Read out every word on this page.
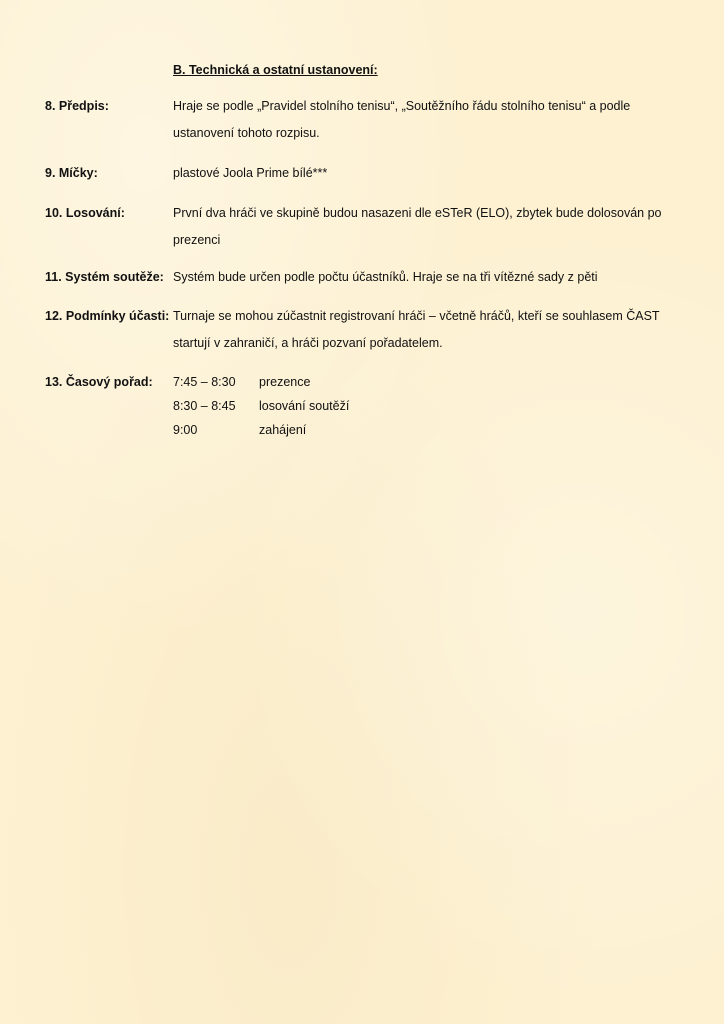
B. Technická a ostatní ustanovení:
8. Předpis:	Hraje se podle „Pravidel stolního tenisu“, „Soutěžního řádu stolního tenisu“ a podle ustanovení tohoto rozpisu.
9. Míčky:	plastové Joola Prime bílé***
10. Losování:	První dva hráči ve skupině budou nasazeni dle eSTeR (ELO), zbytek bude dolosován po prezenci
11. Systém soutěže: Systém bude určen podle počtu účastníků. Hraje se na tři vítězné sady z pěti
12. Podmínky účasti: Turnaje se mohou zúčastnit registrovaní hráči – včetně hráčů, kteří se souhlasem ČAST startují v zahraničí, a hráči pozvaní pořadatelem.
13. Časový pořad: 7:45 – 8:30 prezence
8:30 – 8:45 losování soutěží
9:00	zahájení
